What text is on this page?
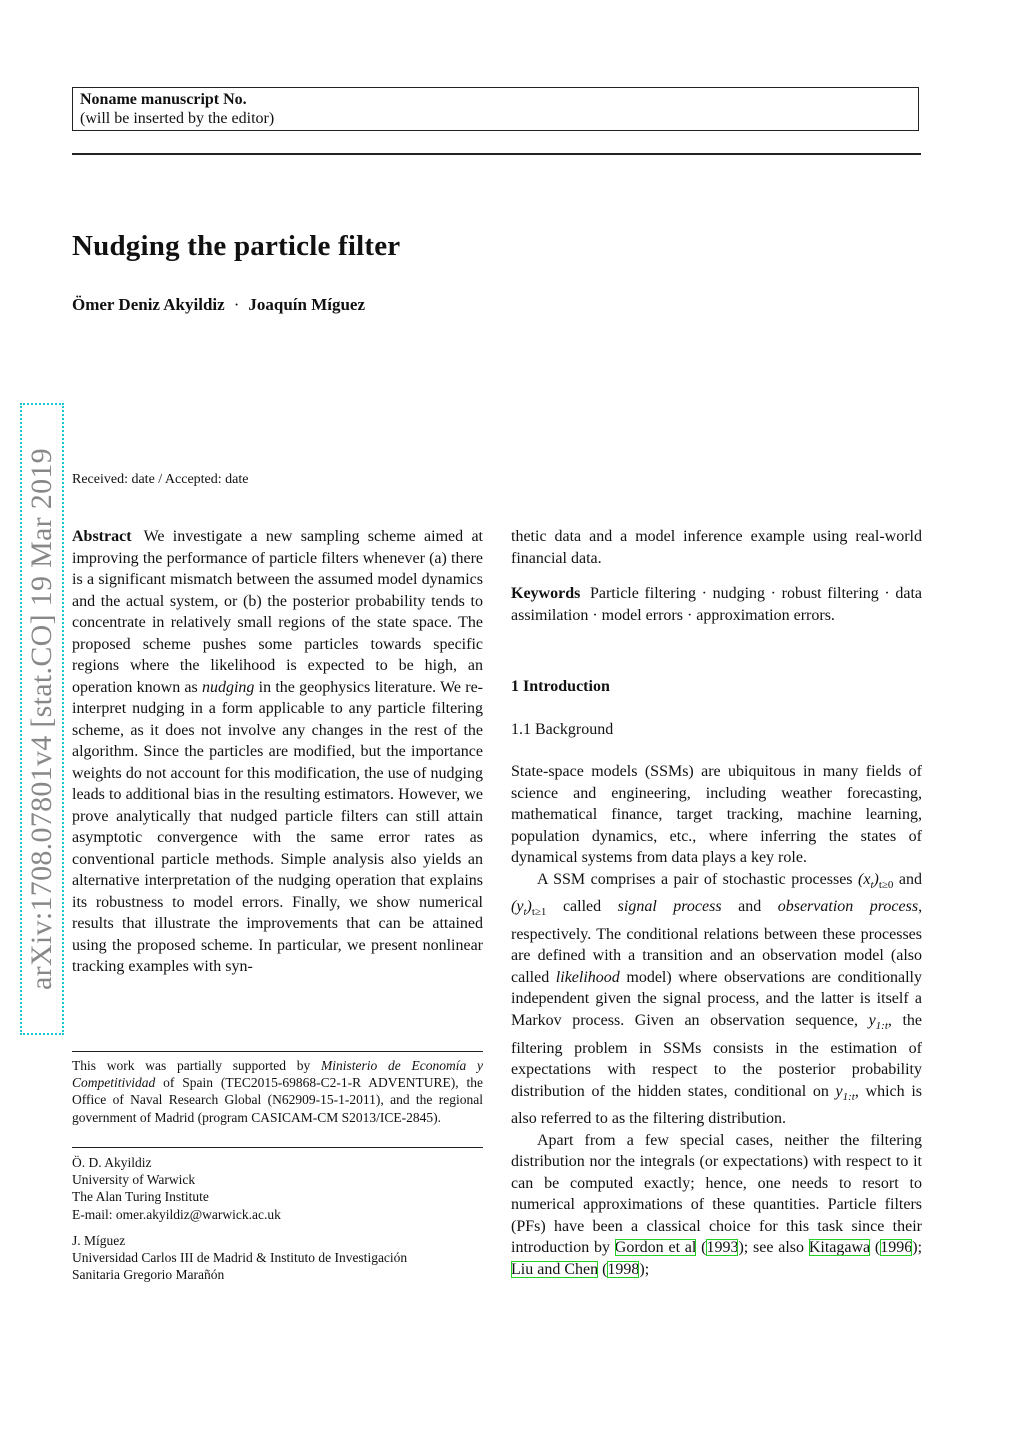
Noname manuscript No.
(will be inserted by the editor)
Nudging the particle filter
Ömer Deniz Akyildiz · Joaquín Míguez
arXiv:1708.07801v4 [stat.CO] 19 Mar 2019 Received: date / Accepted: date

Abstract We investigate a new sampling scheme aimed at improving the performance of particle filters whenever (a) there is a significant mismatch between the assumed model dynamics and the actual system, or (b) the posterior probability tends to concentrate in relatively small regions of the state space. The proposed scheme pushes some particles towards specific regions where the likelihood is expected to be high, an operation known as nudging in the geophysics literature. We re-interpret nudging in a form applicable to any particle filtering scheme, as it does not involve any changes in the rest of the algorithm. Since the particles are modified, but the importance weights do not account for this modification, the use of nudging leads to additional bias in the resulting estimators. However, we prove analytically that nudged particle filters can still attain asymptotic convergence with the same error rates as conventional particle methods. Simple analysis also yields an alternative interpretation of the nudging operation that explains its robustness to model errors. Finally, we show numerical results that illustrate the improvements that can be attained using the proposed scheme. In particular, we present nonlinear tracking examples with syn-

thetic data and a model inference example using real-world financial data.

Keywords Particle filtering · nudging · robust filtering · data assimilation · model errors · approximation errors.

1 Introduction

1.1 Background

State-space models (SSMs) are ubiquitous in many fields of science and engineering, including weather forecasting, mathematical finance, target tracking, machine learning, population dynamics, etc., where inferring the states of dynamical systems from data plays a key role.

A SSM comprises a pair of stochastic processes $(x_t)_{t\ge 0}$ and $(y_t)_{t\ge 1}$ called signal process and observation process, respectively. The conditional relations between these processes are defined with a transition and an observation model (also called likelihood model) where observations are conditionally independent given the signal process, and the latter is itself a Markov process. Given an observation sequence, $y_{1:t}$, the filtering problem in SSMs consists in the estimation of expectations with respect to the posterior probability distribution of the hidden states, conditional on $y_{1:t}$, which is also referred to as the filtering distribution.

Apart from a few special cases, neither the filtering distribution nor the integrals (or expectations) with respect to it can be computed exactly; hence, one needs to resort to numerical approximations of these quantities. Particle filters (PFs) have been a classical choice for this task since their introduction by Gordon et al (1993); see also Kitagawa (1996); Liu and Chen (1998);

This work was partially supported by Ministerio de Economía y Competitividad of Spain (TEC2015-69868-C2-1-R ADVENTURE), the Office of Naval Research Global (N62909-15-1-2011), and the regional government of Madrid (program CASICAM-CM S2013/ICE-2845).
Ö. D. Akyildiz
University of Warwick
The Alan Turing Institute
E-mail: omer.akyildiz@warwick.ac.uk
J. Míguez
Universidad Carlos III de Madrid & Instituto de Investigación
Sanitaria Gregorio Marañón
